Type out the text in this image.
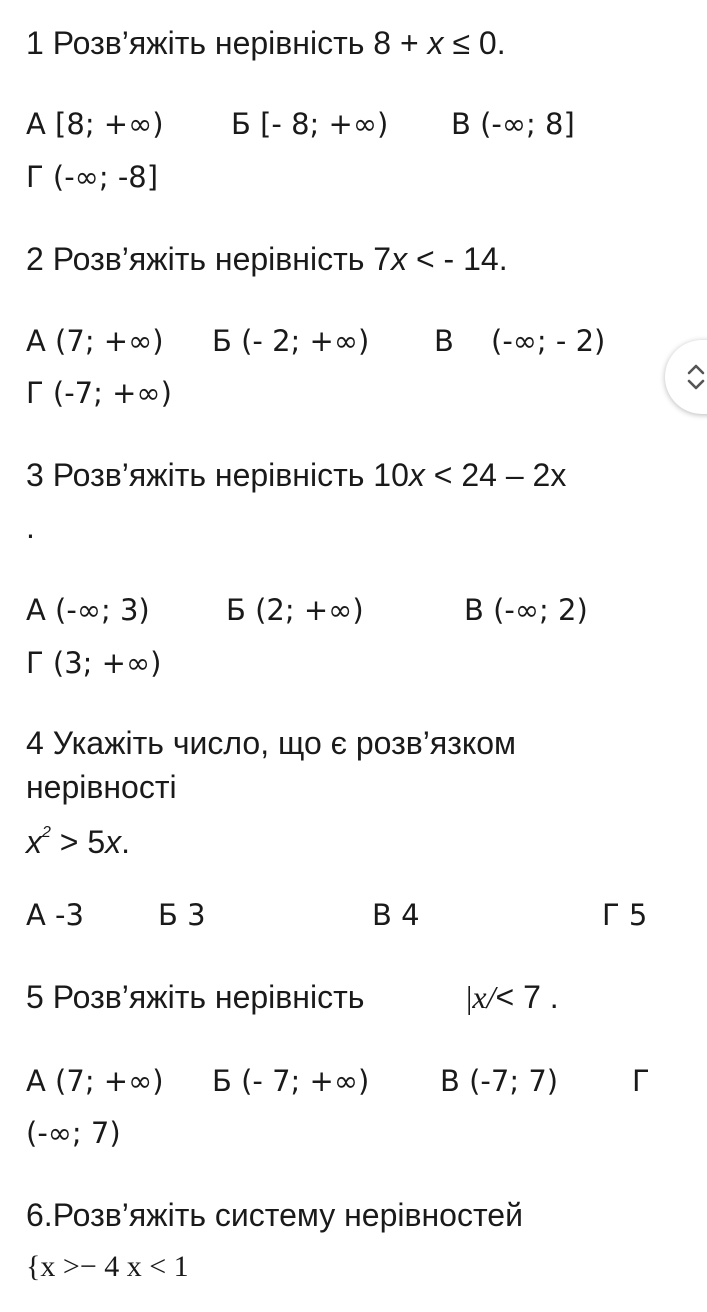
1 Розв’яжіть нерівність 8 + x ≤ 0.
А [8; +∞) Б [- 8; +∞) В (-∞; 8]
Г (-∞; -8]
2 Розв’яжіть нерівність 7x < - 14.
А (7; +∞) Б (- 2; +∞) В (-∞; - 2)
Г (-7; +∞)
3 Розв’яжіть нерівність 10x < 24 – 2x
.
А (-∞; 3)	Б (2; +∞)	В (-∞; 2)
Г (3; +∞)
4 Укажіть число, що є розв’язком
нерівності
$x^2 > 5x$.
А -3	Б 3	В 4	Г 5
5 Розв’яжіть нерівність	|x/< 7 .
А (7; +∞) Б (- 7; +∞) В (-7; 7)	Г
(-∞; 7)
6.Розв’яжіть систему нерівностей
{x >− 4 x < 1
